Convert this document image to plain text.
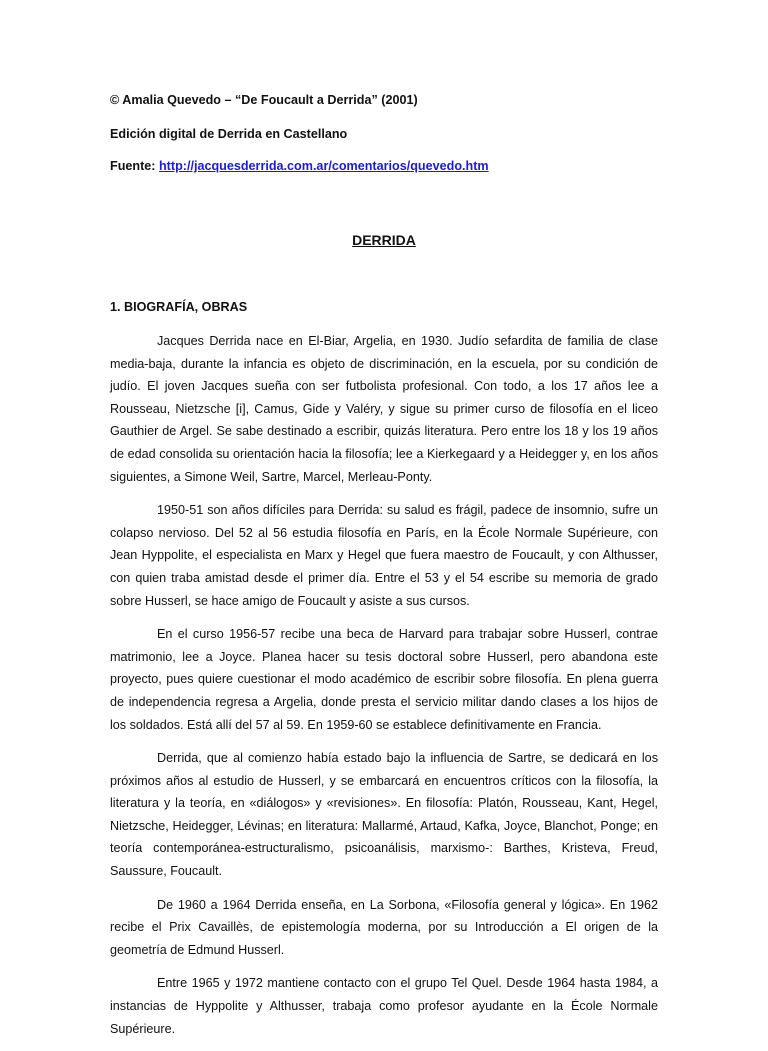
© Amalia Quevedo – “De Foucault a Derrida” (2001)
Edición digital de Derrida en Castellano
Fuente: http://jacquesderrida.com.ar/comentarios/quevedo.htm
DERRIDA
1. BIOGRAFÍA, OBRAS

Jacques Derrida nace en El-Biar, Argelia, en 1930. Judío sefardita de familia de clase media-baja, durante la infancia es objeto de discriminación, en la escuela, por su condición de judío. El joven Jacques sueña con ser futbolista profesional. Con todo, a los 17 años lee a Rousseau, Nietzsche [i], Camus, Gide y Valéry, y sigue su primer curso de filosofía en el liceo Gauthier de Argel. Se sabe destinado a escribir, quizás literatura. Pero entre los 18 y los 19 años de edad consolida su orientación hacia la filosofía; lee a Kierkegaard y a Heidegger y, en los años siguientes, a Simone Weil, Sartre, Marcel, Merleau-Ponty.

1950-51 son años difíciles para Derrida: su salud es frágil, padece de insomnio, sufre un colapso nervioso. Del 52 al 56 estudia filosofía en París, en la École Normale Supérieure, con Jean Hyppolite, el especialista en Marx y Hegel que fuera maestro de Foucault, y con Althusser, con quien traba amistad desde el primer día. Entre el 53 y el 54 escribe su memoria de grado sobre Husserl, se hace amigo de Foucault y asiste a sus cursos.

En el curso 1956-57 recibe una beca de Harvard para trabajar sobre Husserl, contrae matrimonio, lee a Joyce. Planea hacer su tesis doctoral sobre Husserl, pero abandona este proyecto, pues quiere cuestionar el modo académico de escribir sobre filosofía. En plena guerra de independencia regresa a Argelia, donde presta el servicio militar dando clases a los hijos de los soldados. Está allí del 57 al 59. En 1959-60 se establece definitivamente en Francia.

Derrida, que al comienzo había estado bajo la influencia de Sartre, se dedicará en los próximos años al estudio de Husserl, y se embarcará en encuentros críticos con la filosofía, la literatura y la teoría, en «diálogos» y «revisiones». En filosofía: Platón, Rousseau, Kant, Hegel, Nietzsche, Heidegger, Lévinas; en literatura: Mallarmé, Artaud, Kafka, Joyce, Blanchot, Ponge; en teoría contemporánea-estructuralismo, psicoanálisis, marxismo-: Barthes, Kristeva, Freud, Saussure, Foucault.

De 1960 a 1964 Derrida enseña, en La Sorbona, «Filosofía general y lógica». En 1962 recibe el Prix Cavaillès, de epistemología moderna, por su Introducción a El origen de la geometría de Edmund Husserl.

Entre 1965 y 1972 mantiene contacto con el grupo Tel Quel. Desde 1964 hasta 1984, a instancias de Hyppolite y Althusser, trabaja como profesor ayudante en la École Normale Supérieure.
